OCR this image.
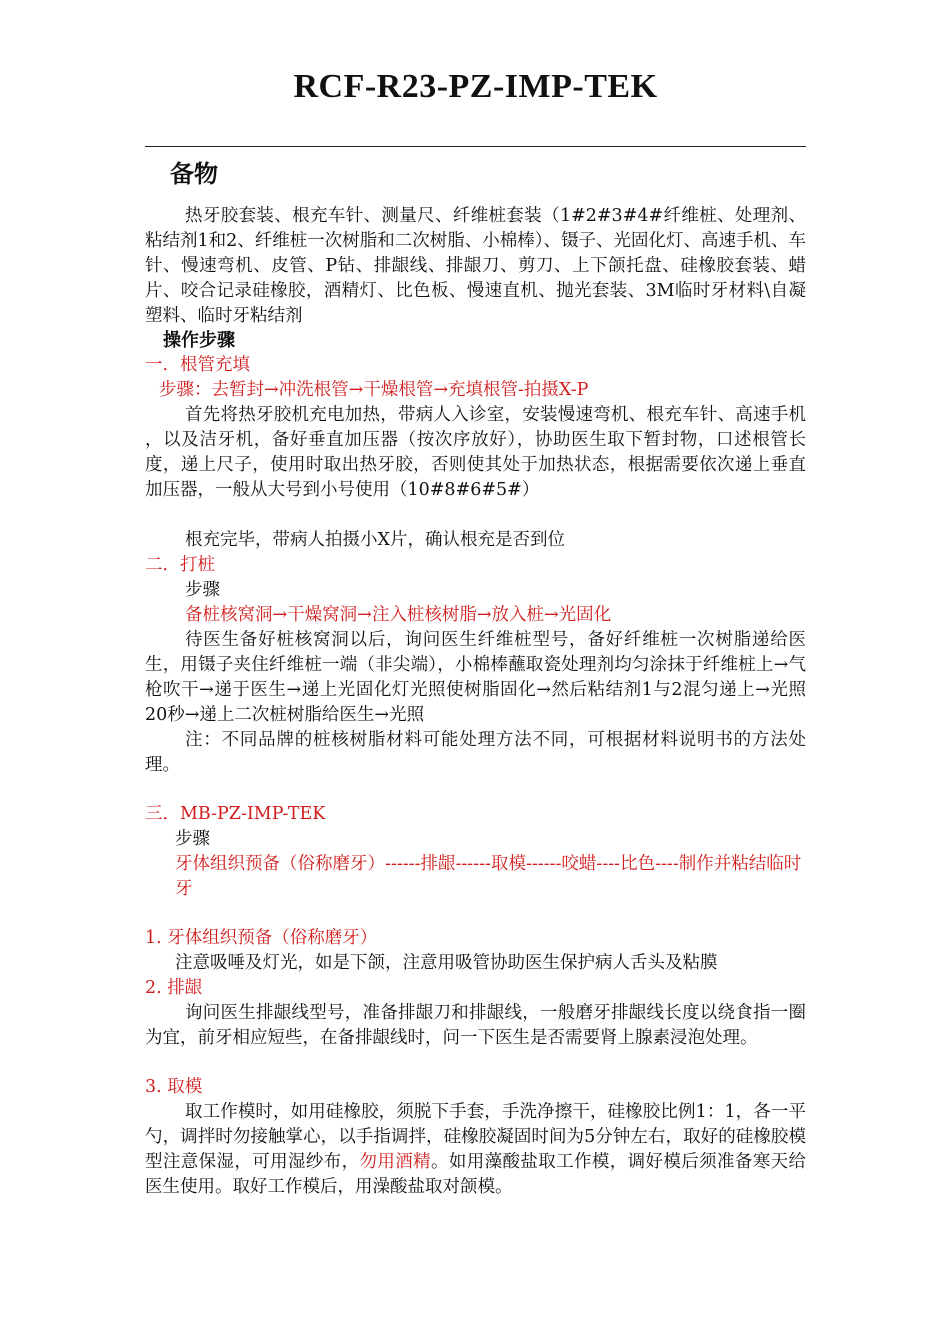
RCF-R23-PZ-IMP-TEK
备物
热牙胶套装、根充车针、测量尺、纤维桩套装（1#2#3#4#纤维桩、处理剂、粘结剂1和2、纤维桩一次树脂和二次树脂、小棉棒）、镊子、光固化灯、高速手机、车针、慢速弯机、皮管、P钻、排龈线、排龈刀、剪刀、上下颌托盘、硅橡胶套装、蜡片、咬合记录硅橡胶，酒精灯、比色板、慢速直机、抛光套装、3M临时牙材料\自凝塑料、临时牙粘结剂
操作步骤
一．根管充填
步骤：去暂封→冲洗根管→干燥根管→充填根管-拍摄X-P
首先将热牙胶机充电加热，带病人入诊室，安装慢速弯机、根充车针、高速手机 ，以及洁牙机，备好垂直加压器（按次序放好），协助医生取下暂封物，口述根管长度，递上尺子，使用时取出热牙胶，否则使其处于加热状态，根据需要依次递上垂直加压器，一般从大号到小号使用（10#8#6#5#）
根充完毕，带病人拍摄小X片，确认根充是否到位
二．打桩
步骤
备桩核窝洞→干燥窝洞→注入桩核树脂→放入桩→光固化
待医生备好桩核窝洞以后，询问医生纤维桩型号，备好纤维桩一次树脂递给医生，用镊子夹住纤维桩一端（非尖端），小棉棒蘸取瓷处理剂均匀涂抹于纤维桩上→气枪吹干→递于医生→递上光固化灯光照使树脂固化→然后粘结剂1与2混匀递上→光照20秒→递上二次桩树脂给医生→光照
注：不同品牌的桩核树脂材料可能处理方法不同，可根据材料说明书的方法处理。
三．MB-PZ-IMP-TEK
步骤
牙体组织预备（俗称磨牙）------排龈------取模------咬蜡----比色----制作并粘结临时牙
1. 牙体组织预备（俗称磨牙）
注意吸唾及灯光，如是下颌，注意用吸管协助医生保护病人舌头及粘膜
2. 排龈
询问医生排龈线型号，准备排龈刀和排龈线，一般磨牙排龈线长度以绕食指一圈为宜，前牙相应短些，在备排龈线时，问一下医生是否需要肾上腺素浸泡处理。
3. 取模
取工作模时，如用硅橡胶，须脱下手套，手洗净擦干，硅橡胶比例1：1，各一平勺，调拌时勿接触掌心，以手指调拌，硅橡胶凝固时间为5分钟左右，取好的硅橡胶模型注意保湿，可用湿纱布，勿用酒精。如用藻酸盐取工作模，调好模后须准备寒天给医生使用。取好工作模后，用澡酸盐取对颌模。
